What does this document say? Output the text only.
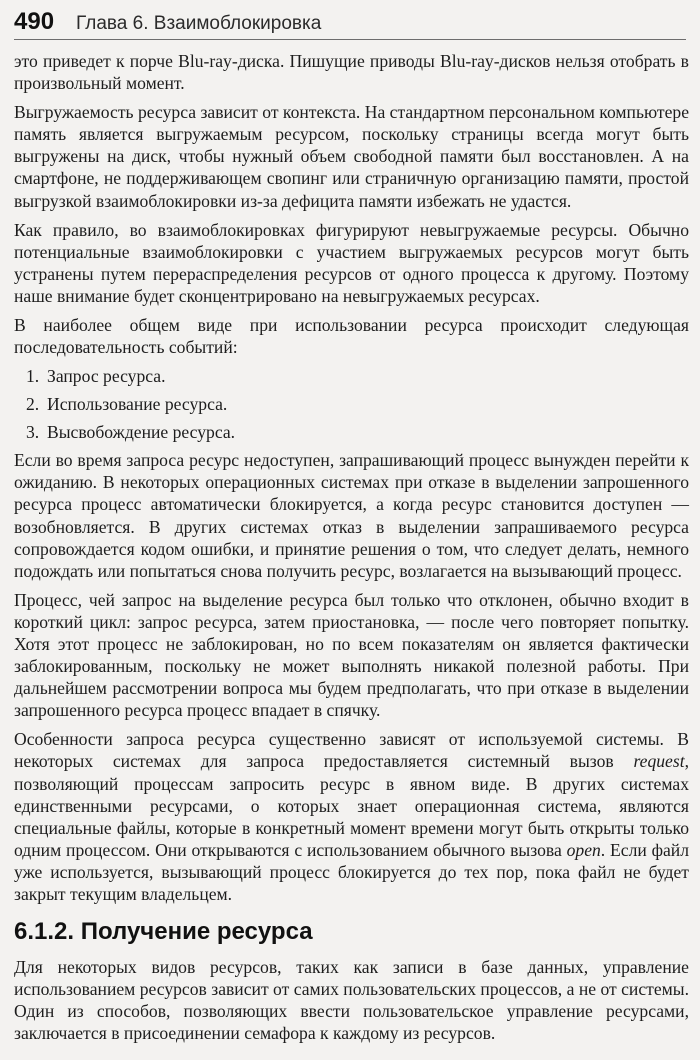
490 Глава 6. Взаимоблокировка

это приведет к порче Blu-ray-диска. Пишущие приводы Blu-ray-дисков нельзя отобрать в произвольный момент.

Выгружаемость ресурса зависит от контекста. На стандартном персональном компьютере память является выгружаемым ресурсом, поскольку страницы всегда могут быть выгружены на диск, чтобы нужный объем свободной памяти был восстановлен. А на смартфоне, не поддерживающем свопинг или страничную организацию памяти, простой выгрузкой взаимоблокировки из-за дефицита памяти избежать не удастся.

Как правило, во взаимоблокировках фигурируют невыгружаемые ресурсы. Обычно потенциальные взаимоблокировки с участием выгружаемых ресурсов могут быть устранены путем перераспределения ресурсов от одного процесса к другому. Поэтому наше внимание будет сконцентрировано на невыгружаемых ресурсах.

В наиболее общем виде при использовании ресурса происходит следующая последовательность событий:

1. Запрос ресурса.
2. Использование ресурса.
3. Высвобождение ресурса.

Если во время запроса ресурс недоступен, запрашивающий процесс вынужден перейти к ожиданию. В некоторых операционных системах при отказе в выделении запрошенного ресурса процесс автоматически блокируется, а когда ресурс становится доступен — возобновляется. В других системах отказ в выделении запрашиваемого ресурса сопровождается кодом ошибки, и принятие решения о том, что следует делать, немного подождать или попытаться снова получить ресурс, возлагается на вызывающий процесс.

Процесс, чей запрос на выделение ресурса был только что отклонен, обычно входит в короткий цикл: запрос ресурса, затем приостановка, — после чего повторяет попытку. Хотя этот процесс не заблокирован, но по всем показателям он является фактически заблокированным, поскольку не может выполнять никакой полезной работы. При дальнейшем рассмотрении вопроса мы будем предполагать, что при отказе в выделении запрошенного ресурса процесс впадает в спячку.

Особенности запроса ресурса существенно зависят от используемой системы. В некоторых системах для запроса предоставляется системный вызов request, позволяющий процессам запросить ресурс в явном виде. В других системах единственными ресурсами, о которых знает операционная система, являются специальные файлы, которые в конкретный момент времени могут быть открыты только одним процессом. Они открываются с использованием обычного вызова open. Если файл уже используется, вызывающий процесс блокируется до тех пор, пока файл не будет закрыт текущим владельцем.

6.1.2. Получение ресурса

Для некоторых видов ресурсов, таких как записи в базе данных, управление использованием ресурсов зависит от самих пользовательских процессов, а не от системы. Один из способов, позволяющих ввести пользовательское управление ресурсами, заключается в присоединении семафора к каждому из ресурсов.
